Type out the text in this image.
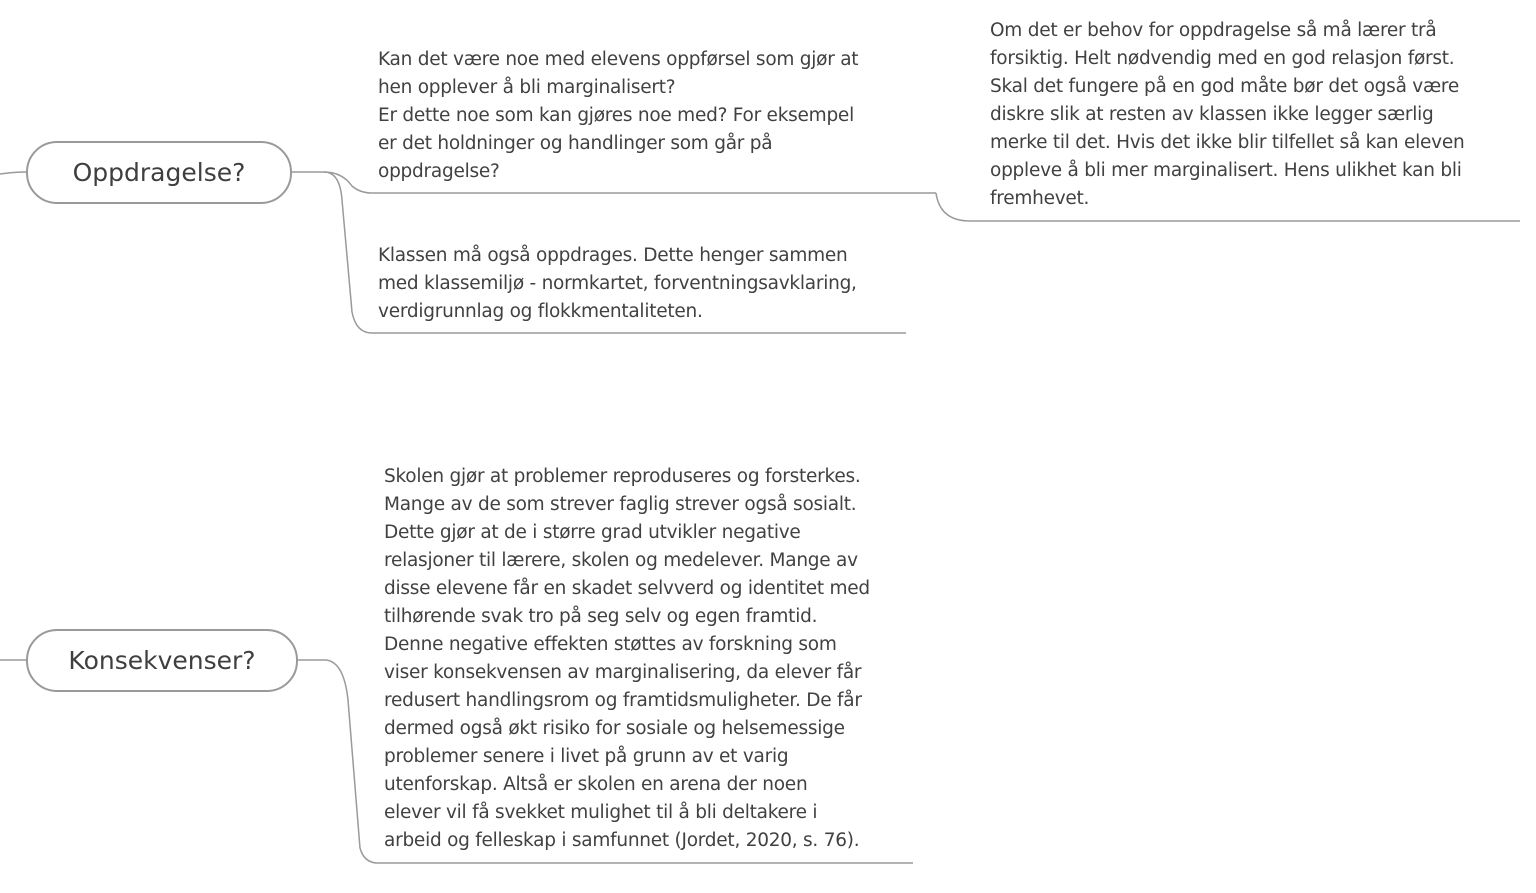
Oppdragelse?
Konsekvenser?
Kan det være noe med elevens oppførsel som gjør at
hen opplever å bli marginalisert?
Er dette noe som kan gjøres noe med? For eksempel
er det holdninger og handlinger som går på
oppdragelse?
Klassen må også oppdrages. Dette henger sammen
med klassemiljø - normkartet, forventningsavklaring,
verdigrunnlag og flokkmentaliteten.
Om det er behov for oppdragelse så må lærer trå
forsiktig. Helt nødvendig med en god relasjon først.
Skal det fungere på en god måte bør det også være
diskre slik at resten av klassen ikke legger særlig
merke til det. Hvis det ikke blir tilfellet så kan eleven
oppleve å bli mer marginalisert. Hens ulikhet kan bli
fremhevet.
Skolen gjør at problemer reproduseres og forsterkes.
Mange av de som strever faglig strever også sosialt.
Dette gjør at de i større grad utvikler negative
relasjoner til lærere, skolen og medelever. Mange av
disse elevene får en skadet selvverd og identitet med
tilhørende svak tro på seg selv og egen framtid.
Denne negative effekten støttes av forskning som
viser konsekvensen av marginalisering, da elever får
redusert handlingsrom og framtidsmuligheter. De får
dermed også økt risiko for sosiale og helsemessige
problemer senere i livet på grunn av et varig
utenforskap. Altså er skolen en arena der noen
elever vil få svekket mulighet til å bli deltakere i
arbeid og felleskap i samfunnet (Jordet, 2020, s. 76).
